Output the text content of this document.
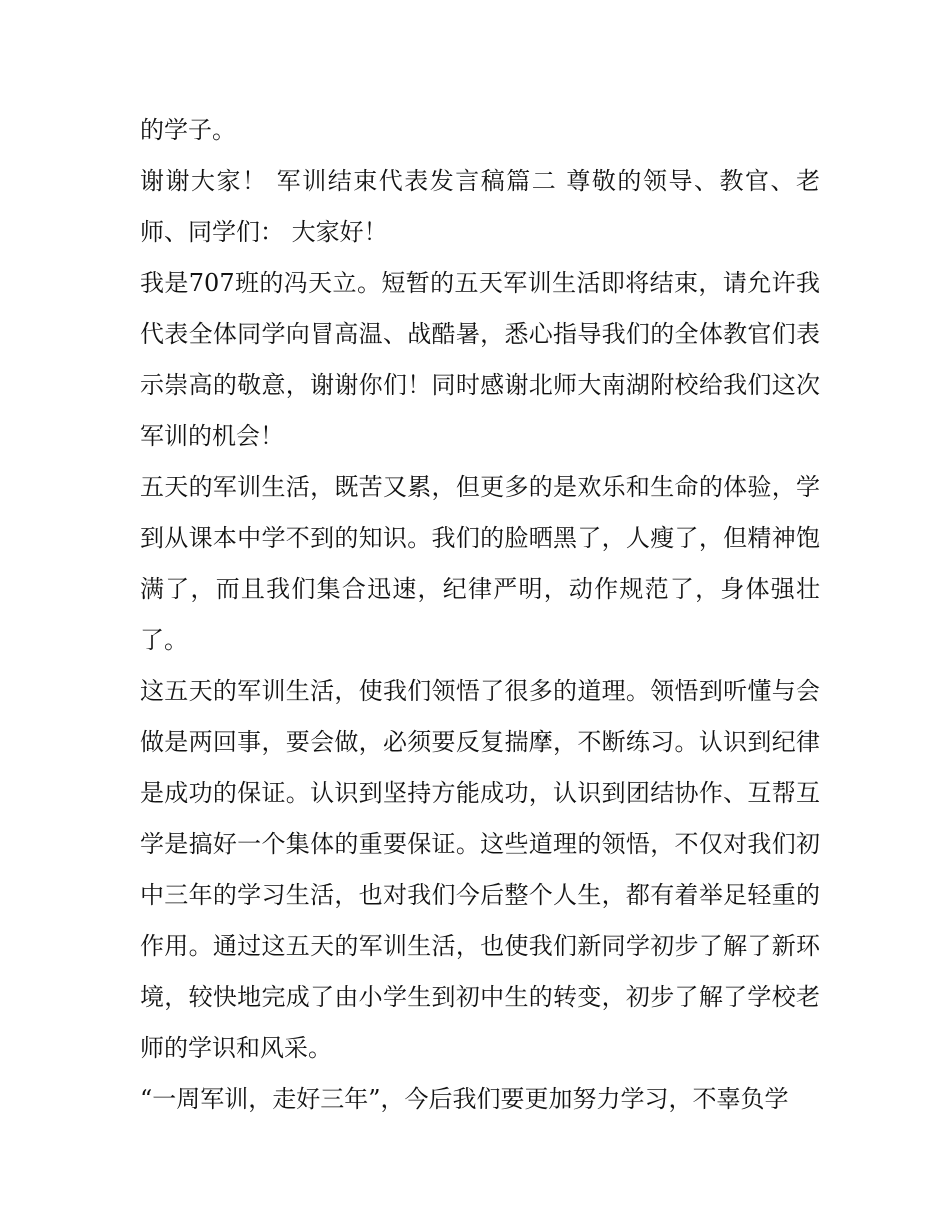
的学子。

谢谢大家！ 军训结束代表发言稿篇二 尊敬的领导、教官、老师、同学们： 大家好！

我是707班的冯天立。短暂的五天军训生活即将结束，请允许我代表全体同学向冒高温、战酷暑，悉心指导我们的全体教官们表示崇高的敬意，谢谢你们！同时感谢北师大南湖附校给我们这次军训的机会！

五天的军训生活，既苦又累，但更多的是欢乐和生命的体验，学到从课本中学不到的知识。我们的脸晒黑了，人瘦了，但精神饱满了，而且我们集合迅速，纪律严明，动作规范了，身体强壮了。

这五天的军训生活，使我们领悟了很多的道理。领悟到听懂与会做是两回事，要会做，必须要反复揣摩，不断练习。认识到纪律是成功的保证。认识到坚持方能成功，认识到团结协作、互帮互学是搞好一个集体的重要保证。这些道理的领悟，不仅对我们初中三年的学习生活，也对我们今后整个人生，都有着举足轻重的作用。通过这五天的军训生活，也使我们新同学初步了解了新环境，较快地完成了由小学生到初中生的转变，初步了解了学校老师的学识和风采。

“一周军训，走好三年”，今后我们要更加努力学习，不辜负学
